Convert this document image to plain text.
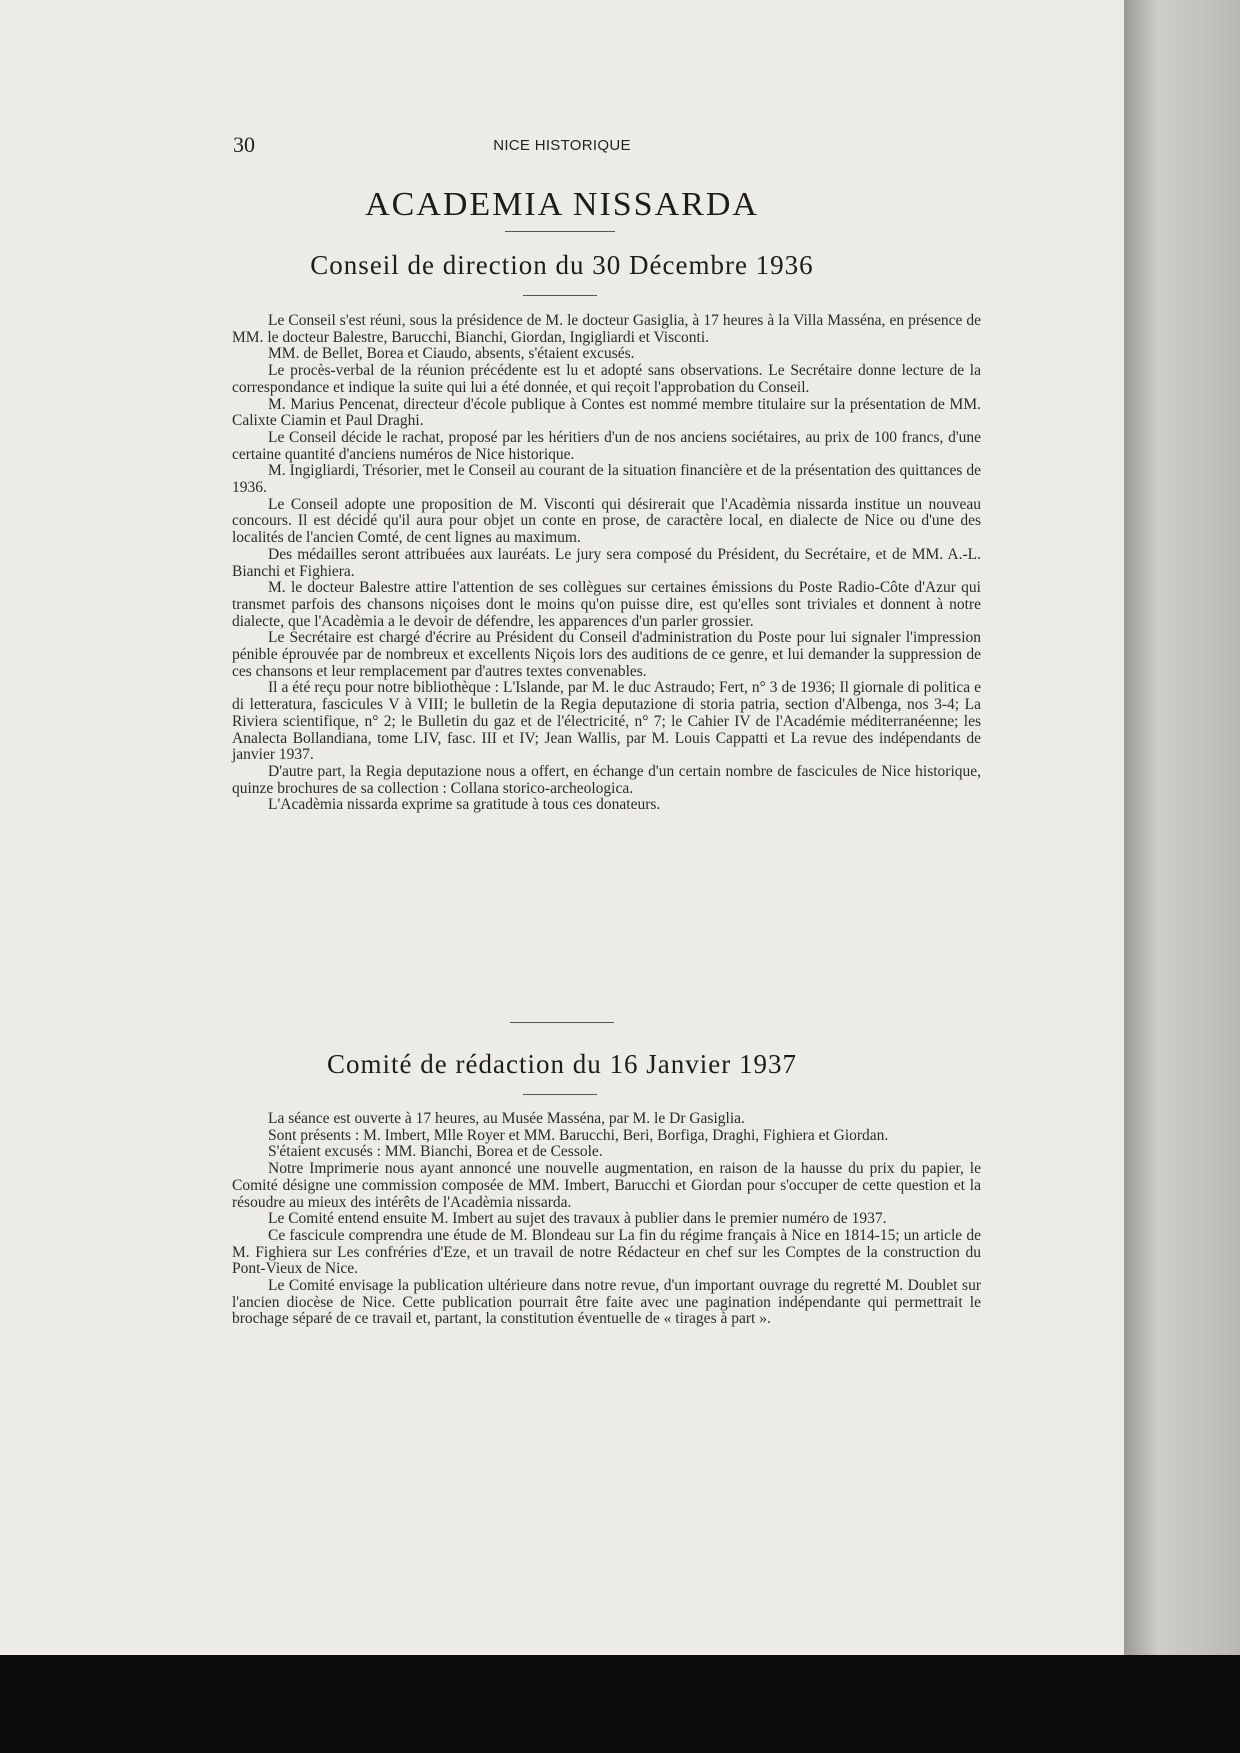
30	NICE HISTORIQUE
ACADEMIA NISSARDA
Conseil de direction du 30 Décembre 1936

Le Conseil s'est réuni, sous la présidence de M. le docteur Gasiglia, à 17 heures à la Villa Masséna, en présence de MM. le docteur Balestre, Barucchi, Bianchi, Giordan, Ingigliardi et Visconti.

MM. de Bellet, Borea et Ciaudo, absents, s'étaient excusés.

Le procès-verbal de la réunion précédente est lu et adopté sans observations. Le Secrétaire donne lecture de la correspondance et indique la suite qui lui a été donnée, et qui reçoit l'approbation du Conseil.

M. Marius Pencenat, directeur d'école publique à Contes est nommé membre titulaire sur la présentation de MM. Calixte Ciamin et Paul Draghi.

Le Conseil décide le rachat, proposé par les héritiers d'un de nos anciens sociétaires, au prix de 100 francs, d'une certaine quantité d'anciens numéros de Nice historique.

M. Ingigliardi, Trésorier, met le Conseil au courant de la situation financière et de la présentation des quittances de 1936.

Le Conseil adopte une proposition de M. Visconti qui désirerait que l'Acadèmia nissarda institue un nouveau concours. Il est décidé qu'il aura pour objet un conte en prose, de caractère local, en dialecte de Nice ou d'une des localités de l'ancien Comté, de cent lignes au maximum.

Des médailles seront attribuées aux lauréats. Le jury sera composé du Président, du Secrétaire, et de MM. A.-L. Bianchi et Fighiera.

M. le docteur Balestre attire l'attention de ses collègues sur certaines émissions du Poste Radio-Côte d'Azur qui transmet parfois des chansons niçoises dont le moins qu'on puisse dire, est qu'elles sont triviales et donnent à notre dialecte, que l'Acadèmia a le devoir de défendre, les apparences d'un parler grossier.

Le Secrétaire est chargé d'écrire au Président du Conseil d'administration du Poste pour lui signaler l'impression pénible éprouvée par de nombreux et excellents Niçois lors des auditions de ce genre, et lui demander la suppression de ces chansons et leur remplacement par d'autres textes convenables.

Il a été reçu pour notre bibliothèque : L'Islande, par M. le duc Astraudo; Fert, n° 3 de 1936; Il giornale di politica e di letteratura, fascicules V à VIII; le bulletin de la Regia deputazione di storia patria, section d'Albenga, nos 3-4; La Riviera scientifique, n° 2; le Bulletin du gaz et de l'électricité, n° 7; le Cahier IV de l'Académie méditerranéenne; les Analecta Bollandiana, tome LIV, fasc. III et IV; Jean Wallis, par M. Louis Cappatti et La revue des indépendants de janvier 1937.

D'autre part, la Regia deputazione nous a offert, en échange d'un certain nombre de fascicules de Nice historique, quinze brochures de sa collection : Collana storico-archeologica.

L'Acadèmia nissarda exprime sa gratitude à tous ces donateurs.

Comité de rédaction du 16 Janvier 1937

La séance est ouverte à 17 heures, au Musée Masséna, par M. le Dr Gasiglia.

Sont présents : M. Imbert, Mlle Royer et MM. Barucchi, Beri, Borfiga, Draghi, Fighiera et Giordan.

S'étaient excusés : MM. Bianchi, Borea et de Cessole.

Notre Imprimerie nous ayant annoncé une nouvelle augmentation, en raison de la hausse du prix du papier, le Comité désigne une commission composée de MM. Imbert, Barucchi et Giordan pour s'occuper de cette question et la résoudre au mieux des intérêts de l'Acadèmia nissarda.

Le Comité entend ensuite M. Imbert au sujet des travaux à publier dans le premier numéro de 1937.

Ce fascicule comprendra une étude de M. Blondeau sur La fin du régime français à Nice en 1814-15; un article de M. Fighiera sur Les confréries d'Eze, et un travail de notre Rédacteur en chef sur les Comptes de la construction du Pont-Vieux de Nice.

Le Comité envisage la publication ultérieure dans notre revue, d'un important ouvrage du regretté M. Doublet sur l'ancien diocèse de Nice. Cette publication pourrait être faite avec une pagination indépendante qui permettrait le brochage séparé de ce travail et, partant, la constitution éventuelle de « tirages à part ».
